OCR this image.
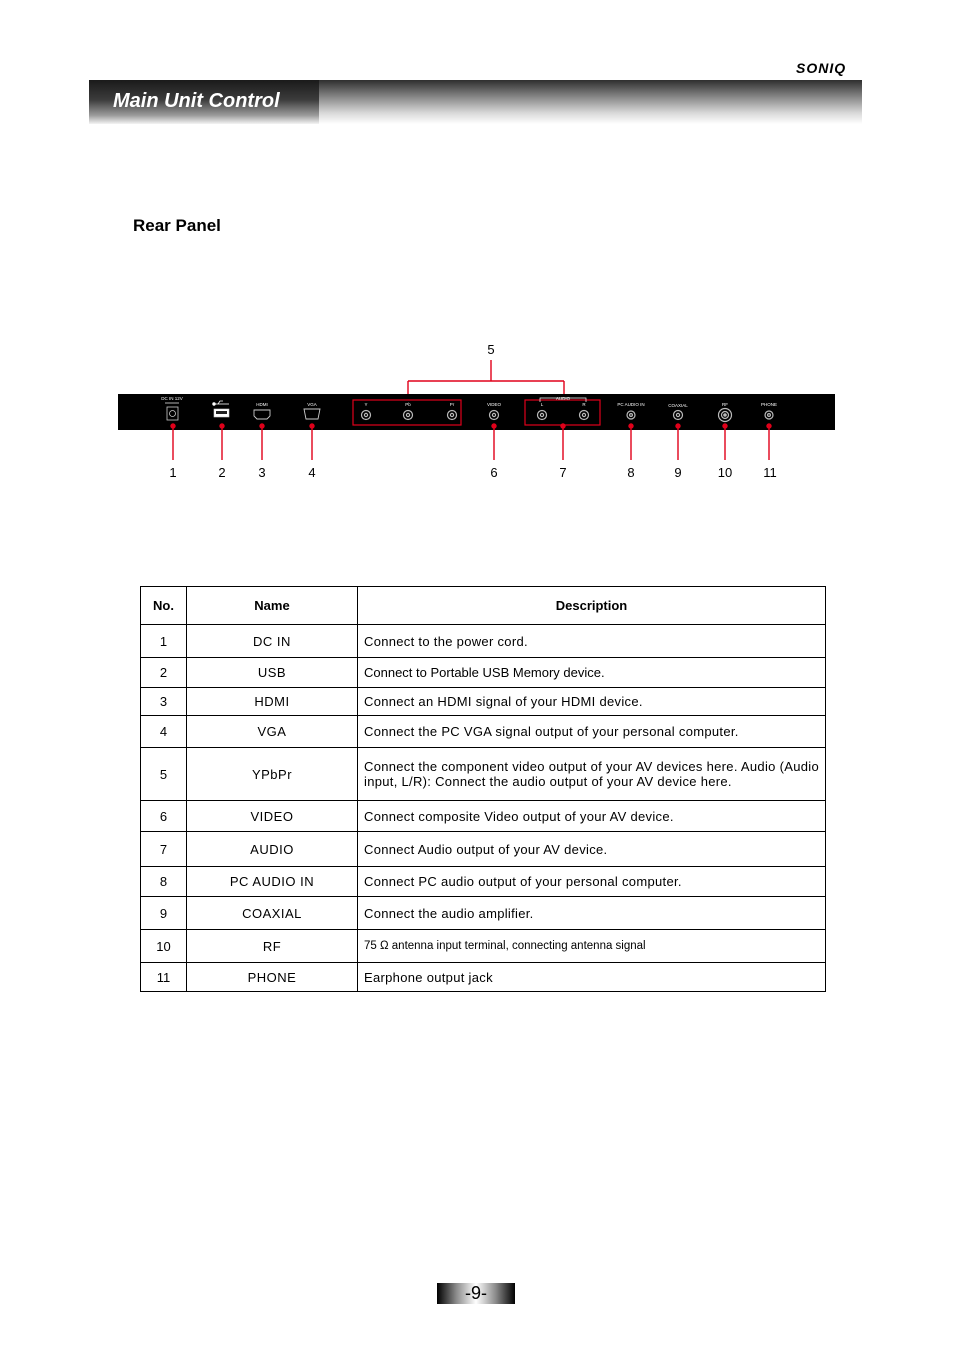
SONIQ
Main Unit Control
Rear Panel
5
DC IN 12V
HDMI	VGA	Y	Pb	Pr	VIDEO
AUDIO
L	R	PC AUDIO IN	COAXIAL	RF	PHONE
1	2	3	4	6	7	8	9	10 11
No.	Name	Description
1	DC IN	Connect to the power cord.
2	USB	Connect to Portable USB Memory device.
3	HDMI	Connect an HDMI signal of your HDMI device.
4	VGA	Connect the PC VGA signal output of your personal computer.
5	YPbPr	Connect the component video output of your AV devices here. Audio (Audio input, L/R): Connect the audio output of your AV device here.
6	VIDEO	Connect composite Video output of your AV device.
7	AUDIO	Connect Audio output of your AV device.
8	PC AUDIO IN	Connect PC audio output of your personal computer.
9	COAXIAL	Connect the audio amplifier.
10	RF	75 Ω antenna input terminal, connecting antenna signal
11	PHONE	Earphone output jack
-9-
